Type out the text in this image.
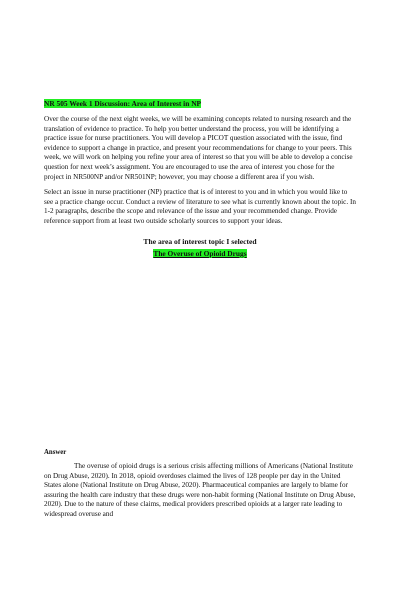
NR 505 Week 1 Discussion: Area of Interest in NP

Over the course of the next eight weeks, we will be examining concepts related to nursing research and the translation of evidence to practice. To help you better understand the process, you will be identifying a practice issue for nurse practitioners. You will develop a PICOT question associated with the issue, find evidence to support a change in practice, and present your recommendations for change to your peers. This week, we will work on helping you refine your area of interest so that you will be able to develop a concise question for next week’s assignment. You are encouraged to use the area of interest you chose for the project in NR500NP and/or NR501NP; however, you may choose a different area if you wish.

Select an issue in nurse practitioner (NP) practice that is of interest to you and in which you would like to see a practice change occur. Conduct a review of literature to see what is currently known about the topic. In 1-2 paragraphs, describe the scope and relevance of the issue and your recommended change. Provide reference support from at least two outside scholarly sources to support your ideas.

The area of interest topic I selected
The Overuse of Opioid Drugs
Answer

The overuse of opioid drugs is a serious crisis affecting millions of Americans (National Institute on Drug Abuse, 2020). In 2018, opioid overdoses claimed the lives of 128 people per day in the United States alone (National Institute on Drug Abuse, 2020). Pharmaceutical companies are largely to blame for assuring the health care industry that these drugs were non-habit forming (National Institute on Drug Abuse, 2020). Due to the nature of these claims, medical providers prescribed opioids at a larger rate leading to widespread overuse and
